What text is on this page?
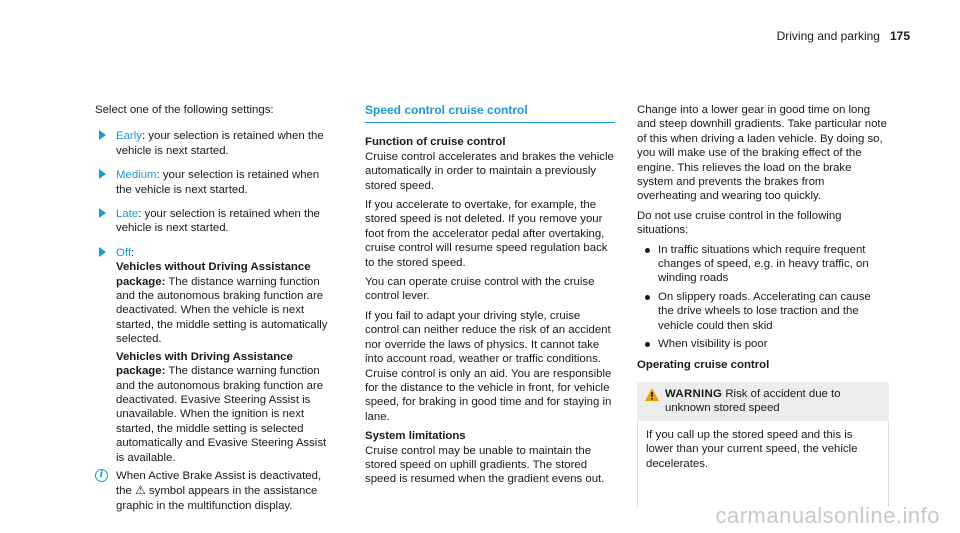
Driving and parking 175

Select one of the following settings:

Early: your selection is retained when the vehicle is next started.
Medium: your selection is retained when the vehicle is next started.
Late: your selection is retained when the vehicle is next started.
Off:
Vehicles without Driving Assistance package: The distance warning function and the autonomous braking function are deactivated. When the vehicle is next started, the middle setting is automatically selected.
Vehicles with Driving Assistance package: The distance warning function and the autonomous braking function are deactivated. Evasive Steering Assist is unavailable. When the ignition is next started, the middle setting is selected automatically and Evasive Steering Assist is available.
i	When Active Brake Assist is deactivated, the ⚠ symbol appears in the assistance graphic in the multifunction display.
Speed control cruise control
Function of cruise control

Cruise control accelerates and brakes the vehicle automatically in order to maintain a previously stored speed.

If you accelerate to overtake, for example, the stored speed is not deleted. If you remove your foot from the accelerator pedal after overtaking, cruise control will resume speed regulation back to the stored speed.

You can operate cruise control with the cruise control lever.

If you fail to adapt your driving style, cruise control can neither reduce the risk of an accident nor override the laws of physics. It cannot take into account road, weather or traffic conditions. Cruise control is only an aid. You are responsible for the distance to the vehicle in front, for vehicle speed, for braking in good time and for staying in lane.

System limitations

Cruise control may be unable to maintain the stored speed on uphill gradients. The stored speed is resumed when the gradient evens out.

Change into a lower gear in good time on long and steep downhill gradients. Take particular note of this when driving a laden vehicle. By doing so, you will make use of the braking effect of the engine. This relieves the load on the brake system and prevents the brakes from overheating and wearing too quickly.

Do not use cruise control in the following situations:

In traffic situations which require frequent changes of speed, e.g. in heavy traffic, on winding roads
On slippery roads. Accelerating can cause the drive wheels to lose traction and the vehicle could then skid
When visibility is poor
Operating cruise control
WARNING Risk of accident due to unknown stored speed
If you call up the stored speed and this is lower than your current speed, the vehicle decelerates.
carmanualsonline.info
